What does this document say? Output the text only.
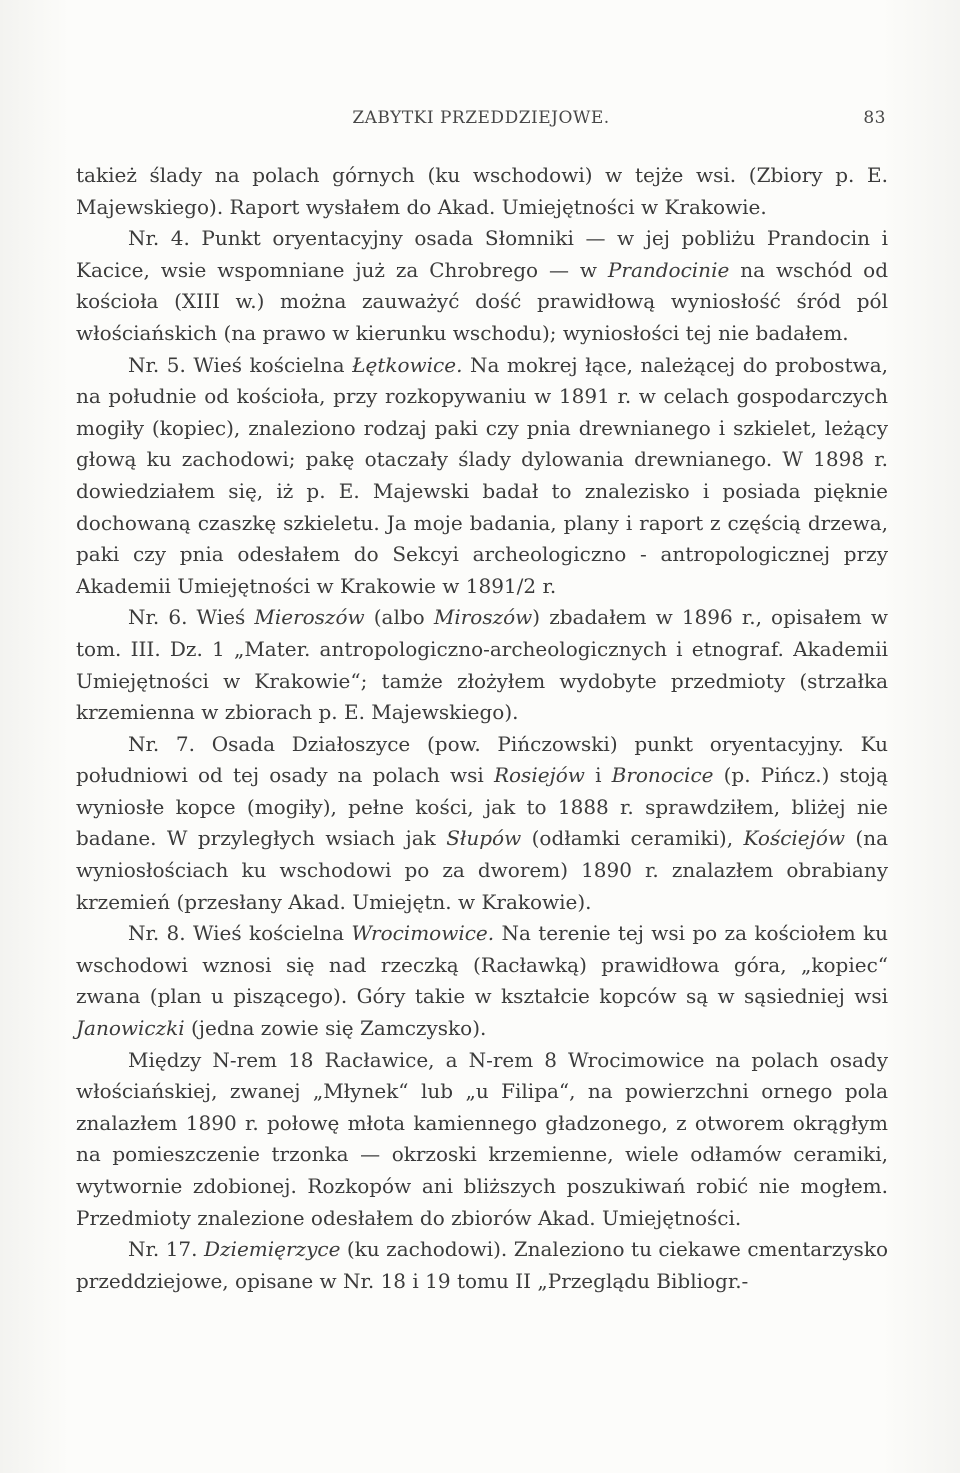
ZABYTKI PRZEDDZIEJOWE.	83

takież ślady na polach górnych (ku wschodowi) w tejże wsi. (Zbiory p. E. Majewskiego). Raport wysłałem do Akad. Umiejętności w Krakowie.

Nr. 4. Punkt oryentacyjny osada Słomniki — w jej pobliżu Prandocin i Kacice, wsie wspomniane już za Chrobrego — w Prandocinie na wschód od kościoła (XIII w.) można zauważyć dość prawidłową wyniosłość śród pól włościańskich (na prawo w kierunku wschodu); wyniosłości tej nie badałem.

Nr. 5. Wieś kościelna Łętkowice. Na mokrej łące, należącej do probostwa, na południe od kościoła, przy rozkopywaniu w 1891 r. w celach gospodarczych mogiły (kopiec), znaleziono rodzaj paki czy pnia drewnianego i szkielet, leżący głową ku zachodowi; pakę otaczały ślady dylowania drewnianego. W 1898 r. dowiedziałem się, iż p. E. Majewski badał to znalezisko i posiada pięknie dochowaną czaszkę szkieletu. Ja moje badania, plany i raport z częścią drzewa, paki czy pnia odesłałem do Sekcyi archeologiczno - antropologicznej przy Akademii Umiejętności w Krakowie w 1891/2 r.

Nr. 6. Wieś Mieroszów (albo Miroszów) zbadałem w 1896 r., opisałem w tom. III. Dz. 1 „Mater. antropologiczno-archeologicznych i etnograf. Akademii Umiejętności w Krakowie“; tamże złożyłem wydobyte przedmioty (strzałka krzemienna w zbiorach p. E. Majewskiego).

Nr. 7. Osada Działoszyce (pow. Pińczowski) punkt oryentacyjny. Ku południowi od tej osady na polach wsi Rosiejów i Bronocice (p. Pińcz.) stoją wyniosłe kopce (mogiły), pełne kości, jak to 1888 r. sprawdziłem, bliżej nie badane. W przyległych wsiach jak Słupów (odłamki ceramiki), Kościejów (na wyniosłościach ku wschodowi po za dworem) 1890 r. znalazłem obrabiany krzemień (przesłany Akad. Umiejętn. w Krakowie).

Nr. 8. Wieś kościelna Wrocimowice. Na terenie tej wsi po za kościołem ku wschodowi wznosi się nad rzeczką (Racławką) prawidłowa góra, „kopiec“ zwana (plan u piszącego). Góry takie w kształcie kopców są w sąsiedniej wsi Janowiczki (jedna zowie się Zamczysko).

Między N-rem 18 Racławice, a N-rem 8 Wrocimowice na polach osady włościańskiej, zwanej „Młynek“ lub „u Filipa“, na powierzchni ornego pola znalazłem 1890 r. połowę młota kamiennego gładzonego, z otworem okrągłym na pomieszczenie trzonka — okrzoski krzemienne, wiele odłamów ceramiki, wytwornie zdobionej. Rozkopów ani bliższych poszukiwań robić nie mogłem. Przedmioty znalezione odesłałem do zbiorów Akad. Umiejętności.

Nr. 17. Dziemięrzyce (ku zachodowi). Znaleziono tu ciekawe cmentarzysko przeddziejowe, opisane w Nr. 18 i 19 tomu II „Przeglądu Bibliogr.-
